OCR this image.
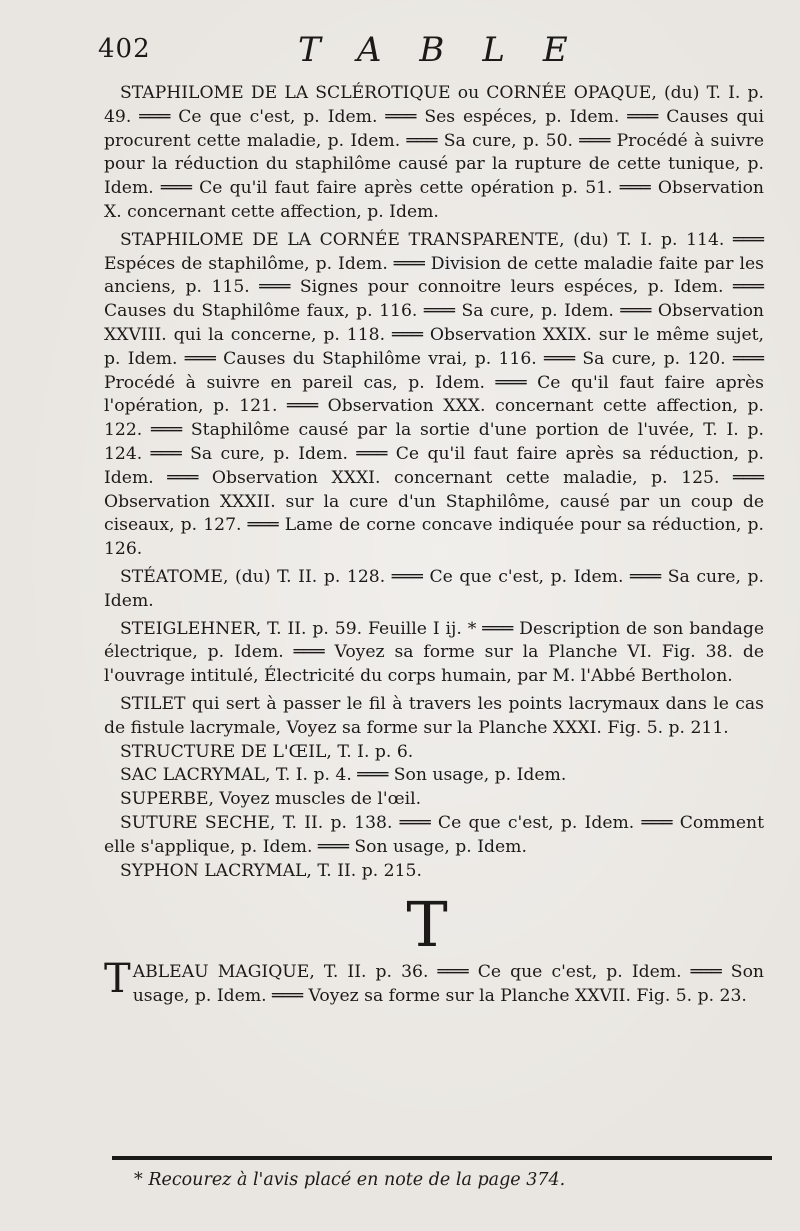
402	TABLE

STAPHILOME DE LA SCLÉROTIQUE ou CORNÉE OPAQUE, (du) T. I. p. 49. ═══ Ce que c'est, p. Idem. ═══ Ses espéces, p. Idem. ═══ Causes qui procurent cette maladie, p. Idem. ═══ Sa cure, p. 50. ═══ Procédé à suivre pour la réduction du staphilôme causé par la rupture de cette tunique, p. Idem. ═══ Ce qu'il faut faire après cette opération p. 51. ═══ Observation X. concernant cette affection, p. Idem.

STAPHILOME DE LA CORNÉE TRANSPARENTE, (du) T. I. p. 114. ═══ Espéces de staphilôme, p. Idem. ═══ Division de cette maladie faite par les anciens, p. 115. ═══ Signes pour connoitre leurs espéces, p. Idem. ═══ Causes du Staphilôme faux, p. 116. ═══ Sa cure, p. Idem. ═══ Observation XXVIII. qui la concerne, p. 118. ═══ Observation XXIX. sur le même sujet, p. Idem. ═══ Causes du Staphilôme vrai, p. 116. ═══ Sa cure, p. 120. ═══ Procédé à suivre en pareil cas, p. Idem. ═══ Ce qu'il faut faire après l'opération, p. 121. ═══ Observation XXX. concernant cette affection, p. 122. ═══ Staphilôme causé par la sortie d'une portion de l'uvée, T. I. p. 124. ═══ Sa cure, p. Idem. ═══ Ce qu'il faut faire après sa réduction, p. Idem. ═══ Observation XXXI. concernant cette maladie, p. 125. ═══ Observation XXXII. sur la cure d'un Staphilôme, causé par un coup de ciseaux, p. 127. ═══ Lame de corne concave indiquée pour sa réduction, p. 126.

STÉATOME, (du) T. II. p. 128. ═══ Ce que c'est, p. Idem. ═══ Sa cure, p. Idem.

STEIGLEHNER, T. II. p. 59. Feuille I ij. * ═══ Description de son bandage électrique, p. Idem. ═══ Voyez sa forme sur la Planche VI. Fig. 38. de l'ouvrage intitulé, Électricité du corps humain, par M. l'Abbé Bertholon.

STILET qui sert à passer le fil à travers les points lacrymaux dans le cas de fistule lacrymale, Voyez sa forme sur la Planche XXXI. Fig. 5. p. 211.

STRUCTURE DE L'ŒIL, T. I. p. 6.

SAC LACRYMAL, T. I. p. 4. ═══ Son usage, p. Idem.

SUPERBE, Voyez muscles de l'œil.

SUTURE SECHE, T. II. p. 138. ═══ Ce que c'est, p. Idem. ═══ Comment elle s'applique, p. Idem. ═══ Son usage, p. Idem.

SYPHON LACRYMAL, T. II. p. 215.

T

T ABLEAU MAGIQUE, T. II. p. 36. ═══ Ce que c'est, p. Idem. ═══ Son usage, p. Idem. ═══ Voyez sa forme sur la Planche XXVII. Fig. 5. p. 23.

* Recourez à l'avis placé en note de la page 374.
